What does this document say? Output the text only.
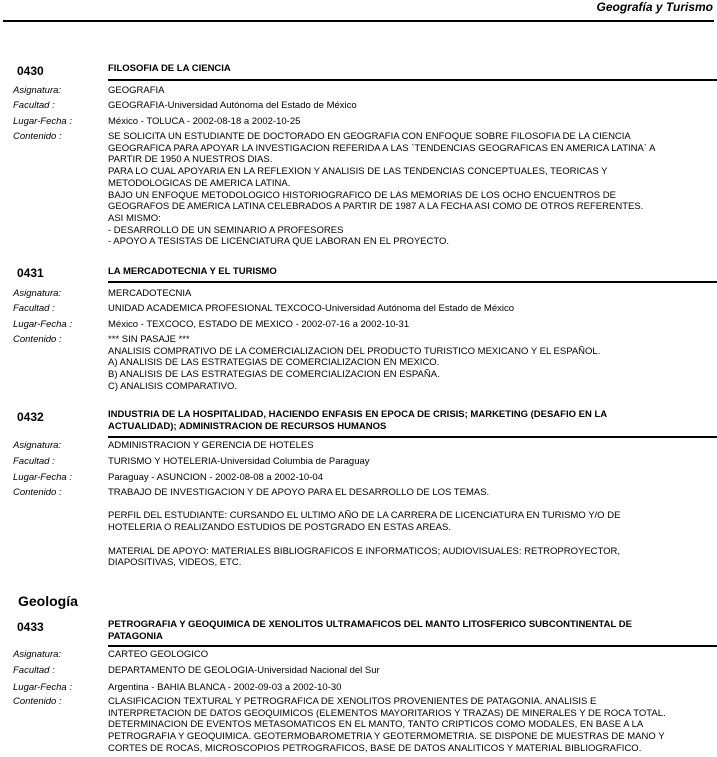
Geografía y Turismo
0430	FILOSOFIA DE LA CIENCIA
Asignatura:	GEOGRAFIA
Facultad :	GEOGRAFIA-Universidad Autónoma del Estado de México
Lugar-Fecha :	México - TOLUCA - 2002-08-18 a 2002-10-25
Contenido :	SE SOLICITA UN ESTUDIANTE DE DOCTORADO EN GEOGRAFIA CON ENFOQUE SOBRE FILOSOFIA DE LA CIENCIA
GEOGRAFICA PARA APOYAR LA INVESTIGACION REFERIDA A LAS `TENDENCIAS GEOGRAFICAS EN AMERICA LATINA` A
PARTIR DE 1950 A NUESTROS DIAS.
PARA LO CUAL APOYARIA EN LA REFLEXION Y ANALISIS DE LAS TENDENCIAS CONCEPTUALES, TEORICAS Y
METODOLOGICAS DE AMERICA LATINA.
BAJO UN ENFOQUE METODOLOGICO HISTORIOGRAFICO DE LAS MEMORIAS DE LOS OCHO ENCUENTROS DE
GEOGRAFOS DE AMERICA LATINA CELEBRADOS A PARTIR DE 1987 A LA FECHA ASI COMO DE OTROS REFERENTES.
ASI MISMO:
- DESARROLLO DE UN SEMINARIO A PROFESORES
- APOYO A TESISTAS DE LICENCIATURA QUE LABORAN EN EL PROYECTO.
0431	LA MERCADOTECNIA Y EL TURISMO
Asignatura:	MERCADOTECNIA
Facultad :	UNIDAD ACADEMICA PROFESIONAL TEXCOCO-Universidad Autónoma del Estado de México
Lugar-Fecha :	México - TEXCOCO, ESTADO DE MEXICO - 2002-07-16 a 2002-10-31
Contenido :	*** SIN PASAJE ***
ANALISIS COMPRATIVO DE LA COMERCIALIZACION DEL PRODUCTO TURISTICO MEXICANO Y EL ESPAÑOL.
A) ANALISIS DE LAS ESTRATEGIAS DE COMERCIALIZACION EN MEXICO.
B) ANALISIS DE LAS ESTRATEGIAS DE COMERCIALIZACION EN ESPAÑA.
C) ANALISIS COMPARATIVO.
0432	INDUSTRIA DE LA HOSPITALIDAD, HACIENDO ENFASIS EN EPOCA DE CRISIS; MARKETING (DESAFIO EN LA
ACTUALIDAD); ADMINISTRACION DE RECURSOS HUMANOS
Asignatura:	ADMINISTRACION Y GERENCIA DE HOTELES
Facultad :	TURISMO Y HOTELERIA-Universidad Columbia de Paraguay
Lugar-Fecha :	Paraguay - ASUNCION - 2002-08-08 a 2002-10-04
Contenido :	TRABAJO DE INVESTIGACION Y DE APOYO PARA EL DESARROLLO DE LOS TEMAS.

PERFIL DEL ESTUDIANTE: CURSANDO EL ULTIMO AÑO DE LA CARRERA DE LICENCIATURA EN TURISMO Y/O DE
HOTELERIA O REALIZANDO ESTUDIOS DE POSTGRADO EN ESTAS AREAS.

MATERIAL DE APOYO: MATERIALES BIBLIOGRAFICOS E INFORMATICOS; AUDIOVISUALES: RETROPROYECTOR,
DIAPOSITIVAS, VIDEOS, ETC.
Geología
0433	PETROGRAFIA Y GEOQUIMICA DE XENOLITOS ULTRAMAFICOS DEL MANTO LITOSFERICO SUBCONTINENTAL DE
PATAGONIA
Asignatura:	CARTEO GEOLOGICO
Facultad :	DEPARTAMENTO DE GEOLOGIA-Universidad Nacional del Sur
Lugar-Fecha :	Argentina - BAHIA BLANCA - 2002-09-03 a 2002-10-30
Contenido :	CLASIFICACION TEXTURAL Y PETROGRAFICA DE XENOLITOS PROVENIENTES DE PATAGONIA. ANALISIS E
INTERPRETACION DE DATOS GEOQUIMICOS (ELEMENTOS MAYORITARIOS Y TRAZAS) DE MINERALES Y DE ROCA TOTAL.
DETERMINACION DE EVENTOS METASOMATICOS EN EL MANTO, TANTO CRIPTICOS COMO MODALES, EN BASE A LA
PETROGRAFIA Y GEOQUIMICA. GEOTERMOBAROMETRIA Y GEOTERMOMETRIA. SE DISPONE DE MUESTRAS DE MANO Y
CORTES DE ROCAS, MICROSCOPIOS PETROGRAFICOS, BASE DE DATOS ANALITICOS Y MATERIAL BIBLIOGRAFICO.
